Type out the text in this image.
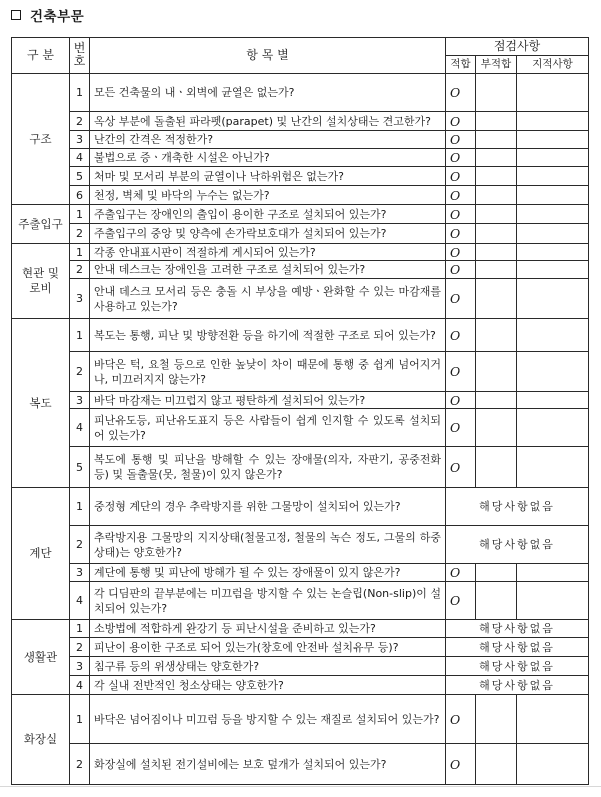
건축부문
구 분	번
호	항 목 별	점검사항		
			적합	부적합	지적사항
구조	1	모든 건축물의 내ㆍ외벽에 균열은 없는가?	O		
	2	옥상 부분에 돌출된 파라펫(parapet) 및 난간의 설치상태는 견고한가?	O		
	3	난간의 간격은 적정한가?	O		
	4	불법으로 증ㆍ개축한 시설은 아닌가?	O		
	5	처마 및 모서리 부분의 균열이나 낙하위험은 없는가?	O		
	6	천정, 벽체 및 바닥의 누수는 없는가?	O		
주출입구	1	주출입구는 장애인의 출입이 용이한 구조로 설치되어 있는가?	O		
	2	주출입구의 중앙 및 양측에 손가락보호대가 설치되어 있는가?	O		
현관 및 로비	1	각종 안내표시판이 적절하게 게시되어 있는가?	O		
	2	안내 데스크는 장애인을 고려한 구조로 설치되어 있는가?	O		
	3	안내 데스크 모서리 등은 충돌 시 부상을 예방ㆍ완화할 수 있는 마감재를 사용하고 있는가?	O		
복도	1	복도는 통행, 피난 및 방향전환 등을 하기에 적절한 구조로 되어 있는가?	O		
	2	바닥은 턱, 요철 등으로 인한 높낮이 차이 때문에 통행 중 쉽게 넘어지거나, 미끄러지지 않는가?	O		
	3	바닥 마감재는 미끄럽지 않고 평탄하게 설치되어 있는가?	O		
	4	피난유도등, 피난유도표지 등은 사람들이 쉽게 인지할 수 있도록 설치되어 있는가?	O		
	5	복도에 통행 및 피난을 방해할 수 있는 장애물(의자, 자판기, 공중전화 등) 및 돌출물(못, 철물)이 있지 않은가?	O		
계단	1	중정형 계단의 경우 추락방지를 위한 그물망이 설치되어 있는가?	해당사항없음		
	2	추락방지용 그물망의 지지상태(철물고정, 철물의 녹슨 정도, 그물의 하중상태)는 양호한가?	해당사항없음		
	3	계단에 통행 및 피난에 방해가 될 수 있는 장애물이 있지 않은가?	O		
	4	각 디딤판의 끝부분에는 미끄럼을 방지할 수 있는 논슬립(Non-slip)이 설치되어 있는가?	O		
생활관	1	소방법에 적합하게 완강기 등 피난시설을 준비하고 있는가?	해당사항없음		
	2	피난이 용이한 구조로 되어 있는가(창호에 안전바 설치유무 등)?	해당사항없음		
	3	침구류 등의 위생상태는 양호한가?	해당사항없음		
	4	각 실내 전반적인 청소상태는 양호한가?	해당사항없음		
화장실	1	바닥은 넘어짐이나 미끄럼 등을 방지할 수 있는 재질로 설치되어 있는가?	O		
	2	화장실에 설치된 전기설비에는 보호 덮개가 설치되어 있는가?	O		
